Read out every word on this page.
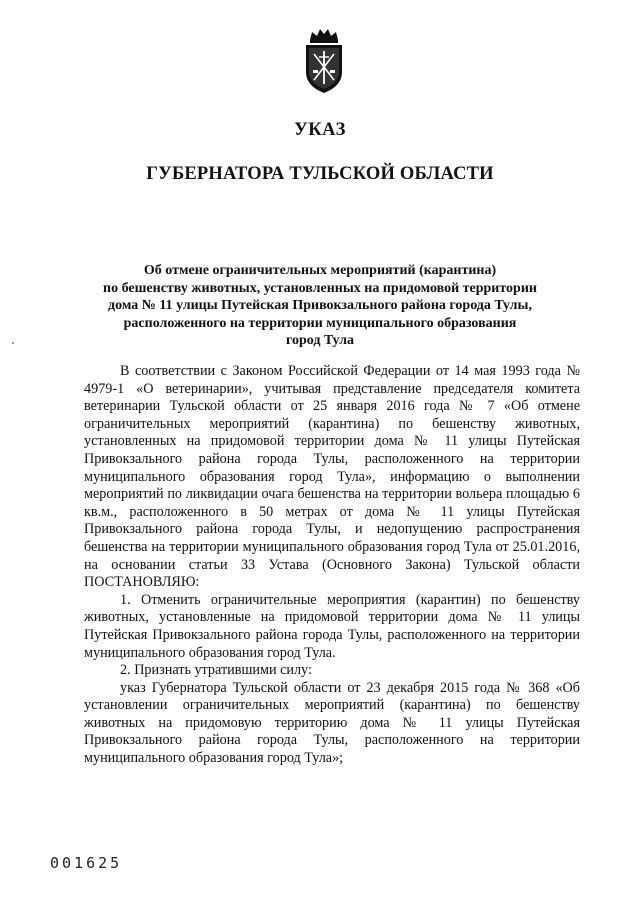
УКАЗ
ГУБЕРНАТОРА ТУЛЬСКОЙ ОБЛАСТИ
Об отмене ограничительных мероприятий (карантина)
по бешенству животных, установленных на придомовой территории
дома № 11 улицы Путейская Привокзального района города Тулы,
расположенного на территории муниципального образования
город Тула

В соответствии с Законом Российской Федерации от 14 мая 1993 года № 4979-1 «О ветеринарии», учитывая представление председателя комитета ветеринарии Тульской области от 25 января 2016 года № 7 «Об отмене ограничительных мероприятий (карантина) по бешенству животных, установленных на придомовой территории дома № 11 улицы Путейская Привокзального района города Тулы, расположенного на территории муниципального образования город Тула», информацию о выполнении мероприятий по ликвидации очага бешенства на территории вольера площадью 6 кв.м., расположенного в 50 метрах от дома № 11 улицы Путейская Привокзального района города Тулы, и недопущению распространения бешенства на территории муниципального образования город Тула от 25.01.2016, на основании статьи 33 Устава (Основного Закона) Тульской области ПОСТАНОВЛЯЮ:

1. Отменить ограничительные мероприятия (карантин) по бешенству животных, установленные на придомовой территории дома № 11 улицы Путейская Привокзального района города Тулы, расположенного на территории муниципального образования город Тула.

2. Признать утратившими силу:

указ Губернатора Тульской области от 23 декабря 2015 года № 368 «Об установлении ограничительных мероприятий (карантина) по бешенству животных на придомовую территорию дома № 11 улицы Путейская Привокзального района города Тулы, расположенного на территории муниципального образования город Тула»;

001625
